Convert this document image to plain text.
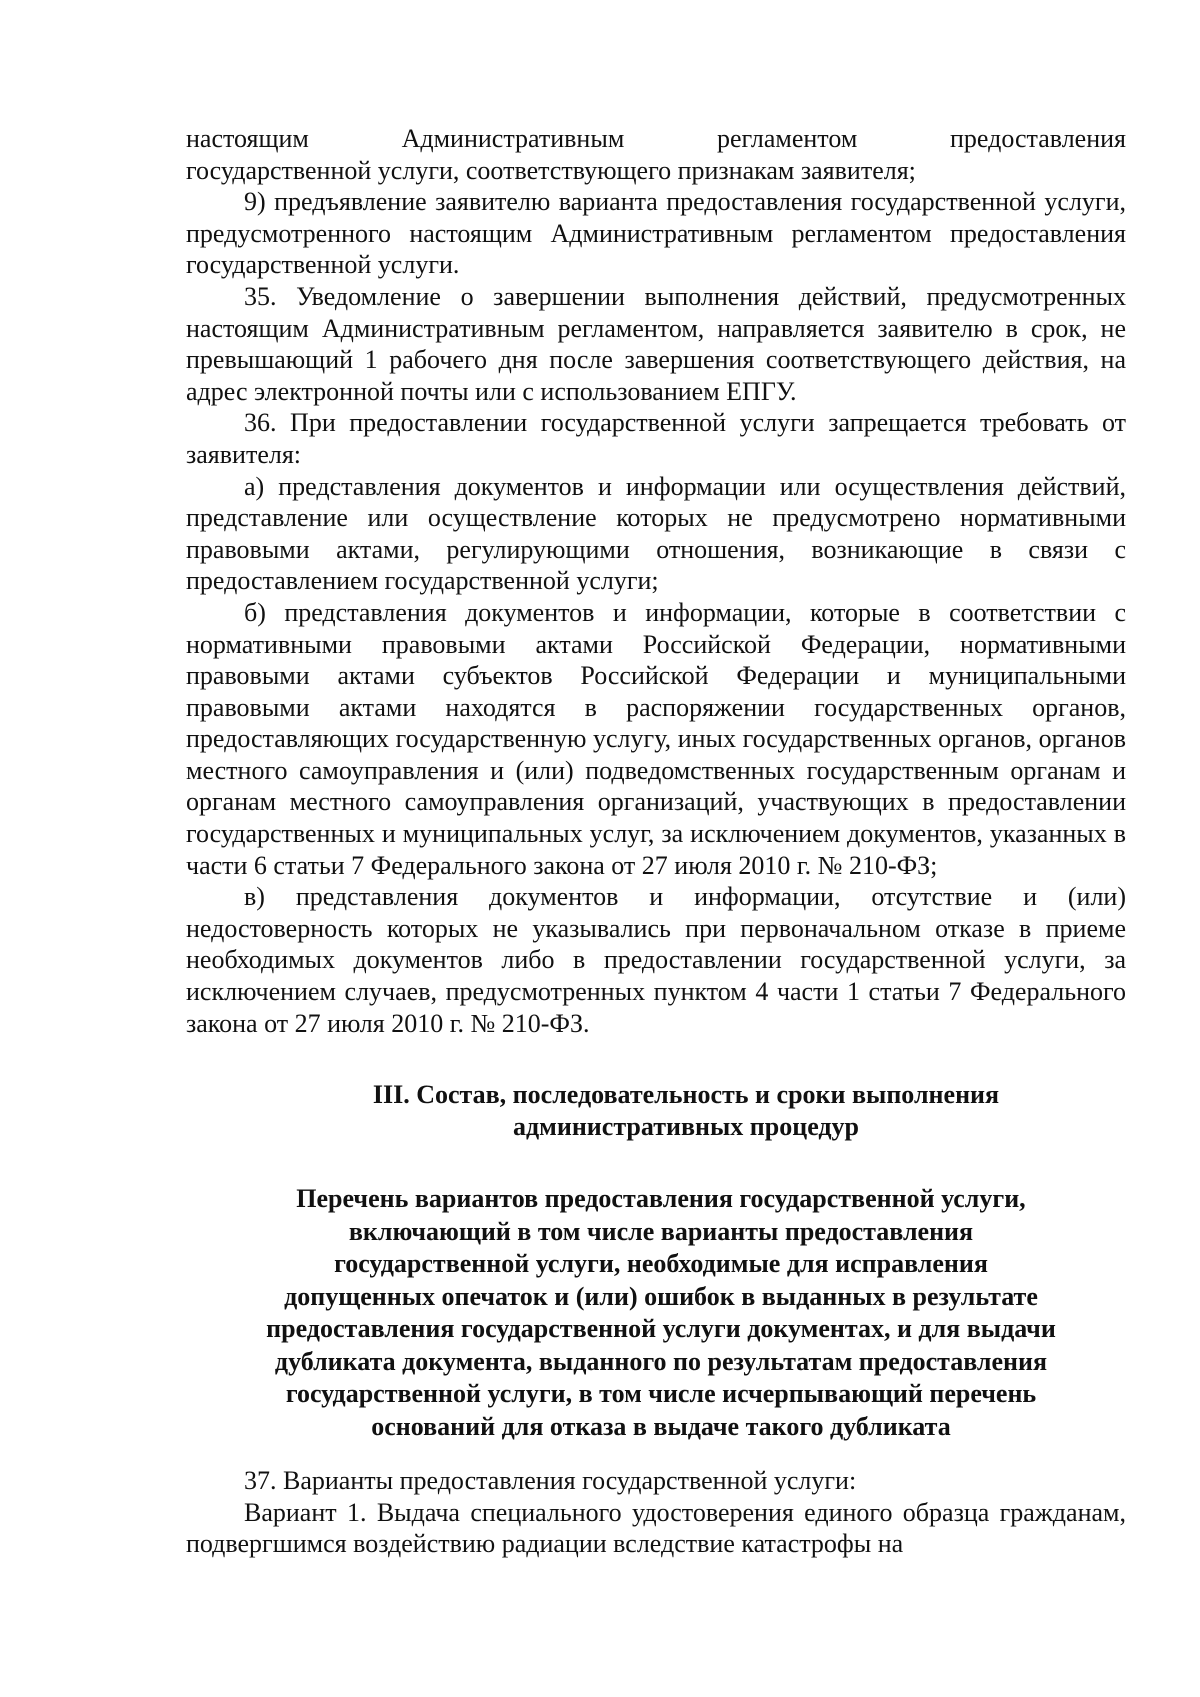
настоящим Административным регламентом предоставления

государственной услуги, соответствующего признакам заявителя;

9) предъявление заявителю варианта предоставления государственной услуги, предусмотренного настоящим Административным регламентом предоставления государственной услуги.

35. Уведомление о завершении выполнения действий, предусмотренных настоящим Административным регламентом, направляется заявителю в срок, не превышающий 1 рабочего дня после завершения соответствующего действия, на адрес электронной почты или с использованием ЕПГУ.

36. При предоставлении государственной услуги запрещается требовать от заявителя:

а) представления документов и информации или осуществления действий, представление или осуществление которых не предусмотрено нормативными правовыми актами, регулирующими отношения, возникающие в связи с предоставлением государственной услуги;

б) представления документов и информации, которые в соответствии с нормативными правовыми актами Российской Федерации, нормативными правовыми актами субъектов Российской Федерации и муниципальными правовыми актами находятся в распоряжении государственных органов, предоставляющих государственную услугу, иных государственных органов, органов местного самоуправления и (или) подведомственных государственным органам и органам местного самоуправления организаций, участвующих в предоставлении государственных и муниципальных услуг, за исключением документов, указанных в части 6 статьи 7 Федерального закона от 27 июля 2010 г. № 210-ФЗ;

в) представления документов и информации, отсутствие и (или) недостоверность которых не указывались при первоначальном отказе в приеме необходимых документов либо в предоставлении государственной услуги, за исключением случаев, предусмотренных пунктом 4 части 1 статьи 7 Федерального закона от 27 июля 2010 г. № 210-ФЗ.

III. Состав, последовательность и сроки выполнения
административных процедур
Перечень вариантов предоставления государственной услуги,
включающий в том числе варианты предоставления
государственной услуги, необходимые для исправления
допущенных опечаток и (или) ошибок в выданных в результате
предоставления государственной услуги документах, и для выдачи
дубликата документа, выданного по результатам предоставления
государственной услуги, в том числе исчерпывающий перечень
оснований для отказа в выдаче такого дубликата

37. Варианты предоставления государственной услуги:

Вариант 1. Выдача специального удостоверения единого образца гражданам, подвергшимся воздействию радиации вследствие катастрофы на
